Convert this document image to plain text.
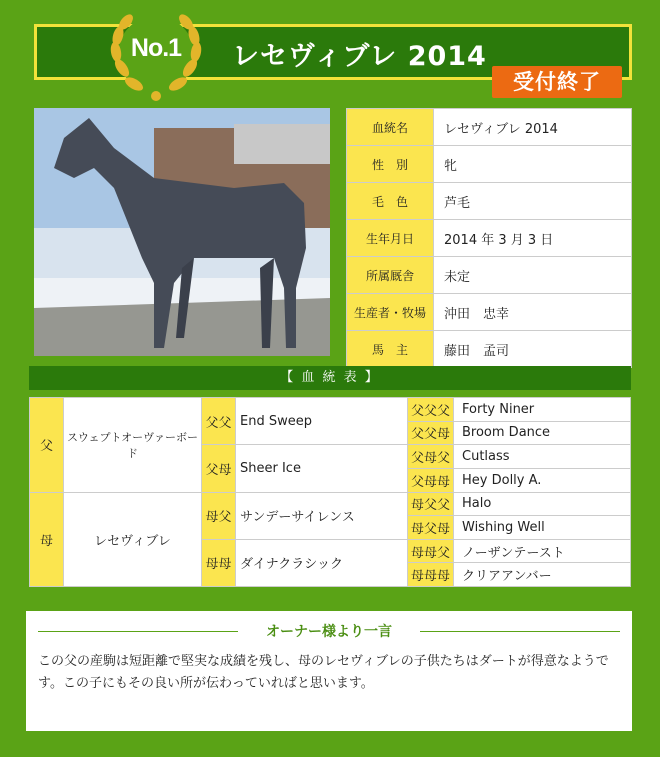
No.1 レセヴィブレ 2014
受付終了
血統名	レセヴィブレ 2014
性　別	牝
毛　色	芦毛
生年月日	2014 年 3 月 3 日
所属厩舎	未定
生産者・牧場	沖田　忠幸
馬　主	藤田　孟司
【 血 統 表 】
父	スウェプトオーヴァーボード	父父	End Sweep	父父父	Forty Niner
				父父母	Broom Dance
		父母	Sheer Ice	父母父	Cutlass
				父母母	Hey Dolly A.
母	レセヴィブレ	母父	サンデーサイレンス	母父父	Halo
				母父母	Wishing Well
		母母	ダイナクラシック	母母父	ノーザンテースト
				母母母	クリアアンバー
オーナー様より一言
この父の産駒は短距離で堅実な成績を残し、母のレセヴィブレの子供たちはダートが得意なようです。この子にもその良い所が伝わっていればと思います。
